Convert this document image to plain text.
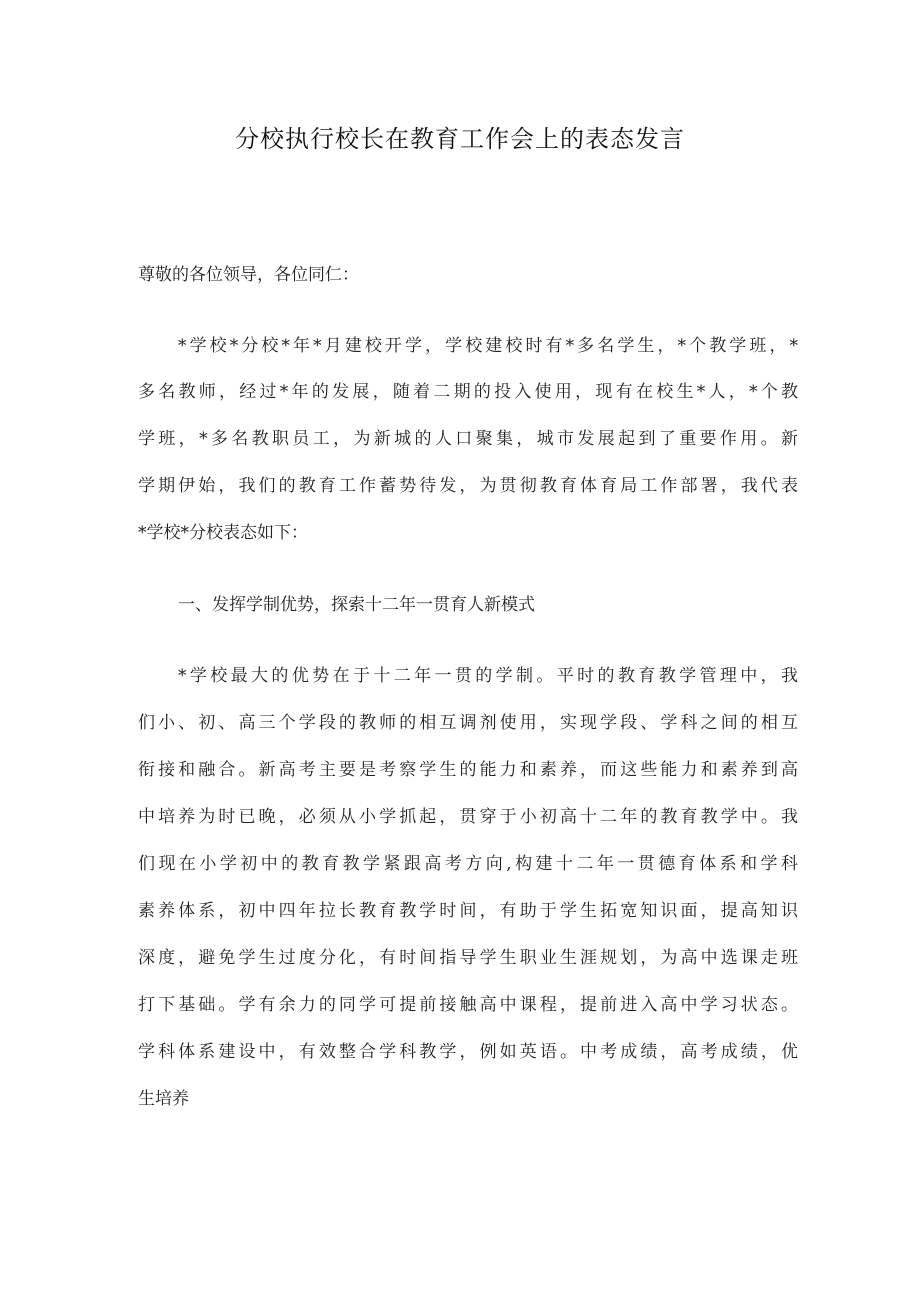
分校执行校长在教育工作会上的表态发言
尊敬的各位领导，各位同仁：
*学校*分校*年*月建校开学，学校建校时有*多名学生，*个教学班，*
多名教师，经过*年的发展，随着二期的投入使用，现有在校生*人，*个教
学班，*多名教职员工，为新城的人口聚集，城市发展起到了重要作用。新
学期伊始，我们的教育工作蓄势待发，为贯彻教育体育局工作部署，我代表
*学校*分校表态如下：
一、发挥学制优势，探索十二年一贯育人新模式
*学校最大的优势在于十二年一贯的学制。平时的教育教学管理中，我
们小、初、高三个学段的教师的相互调剂使用，实现学段、学科之间的相互
衔接和融合。新高考主要是考察学生的能力和素养，而这些能力和素养到高
中培养为时已晚，必须从小学抓起，贯穿于小初高十二年的教育教学中。我
们现在小学初中的教育教学紧跟高考方向,构建十二年一贯德育体系和学科
素养体系，初中四年拉长教育教学时间，有助于学生拓宽知识面，提高知识
深度，避免学生过度分化，有时间指导学生职业生涯规划，为高中选课走班
打下基础。学有余力的同学可提前接触高中课程，提前进入高中学习状态。
学科体系建设中，有效整合学科教学，例如英语。中考成绩，高考成绩，优
生培养
